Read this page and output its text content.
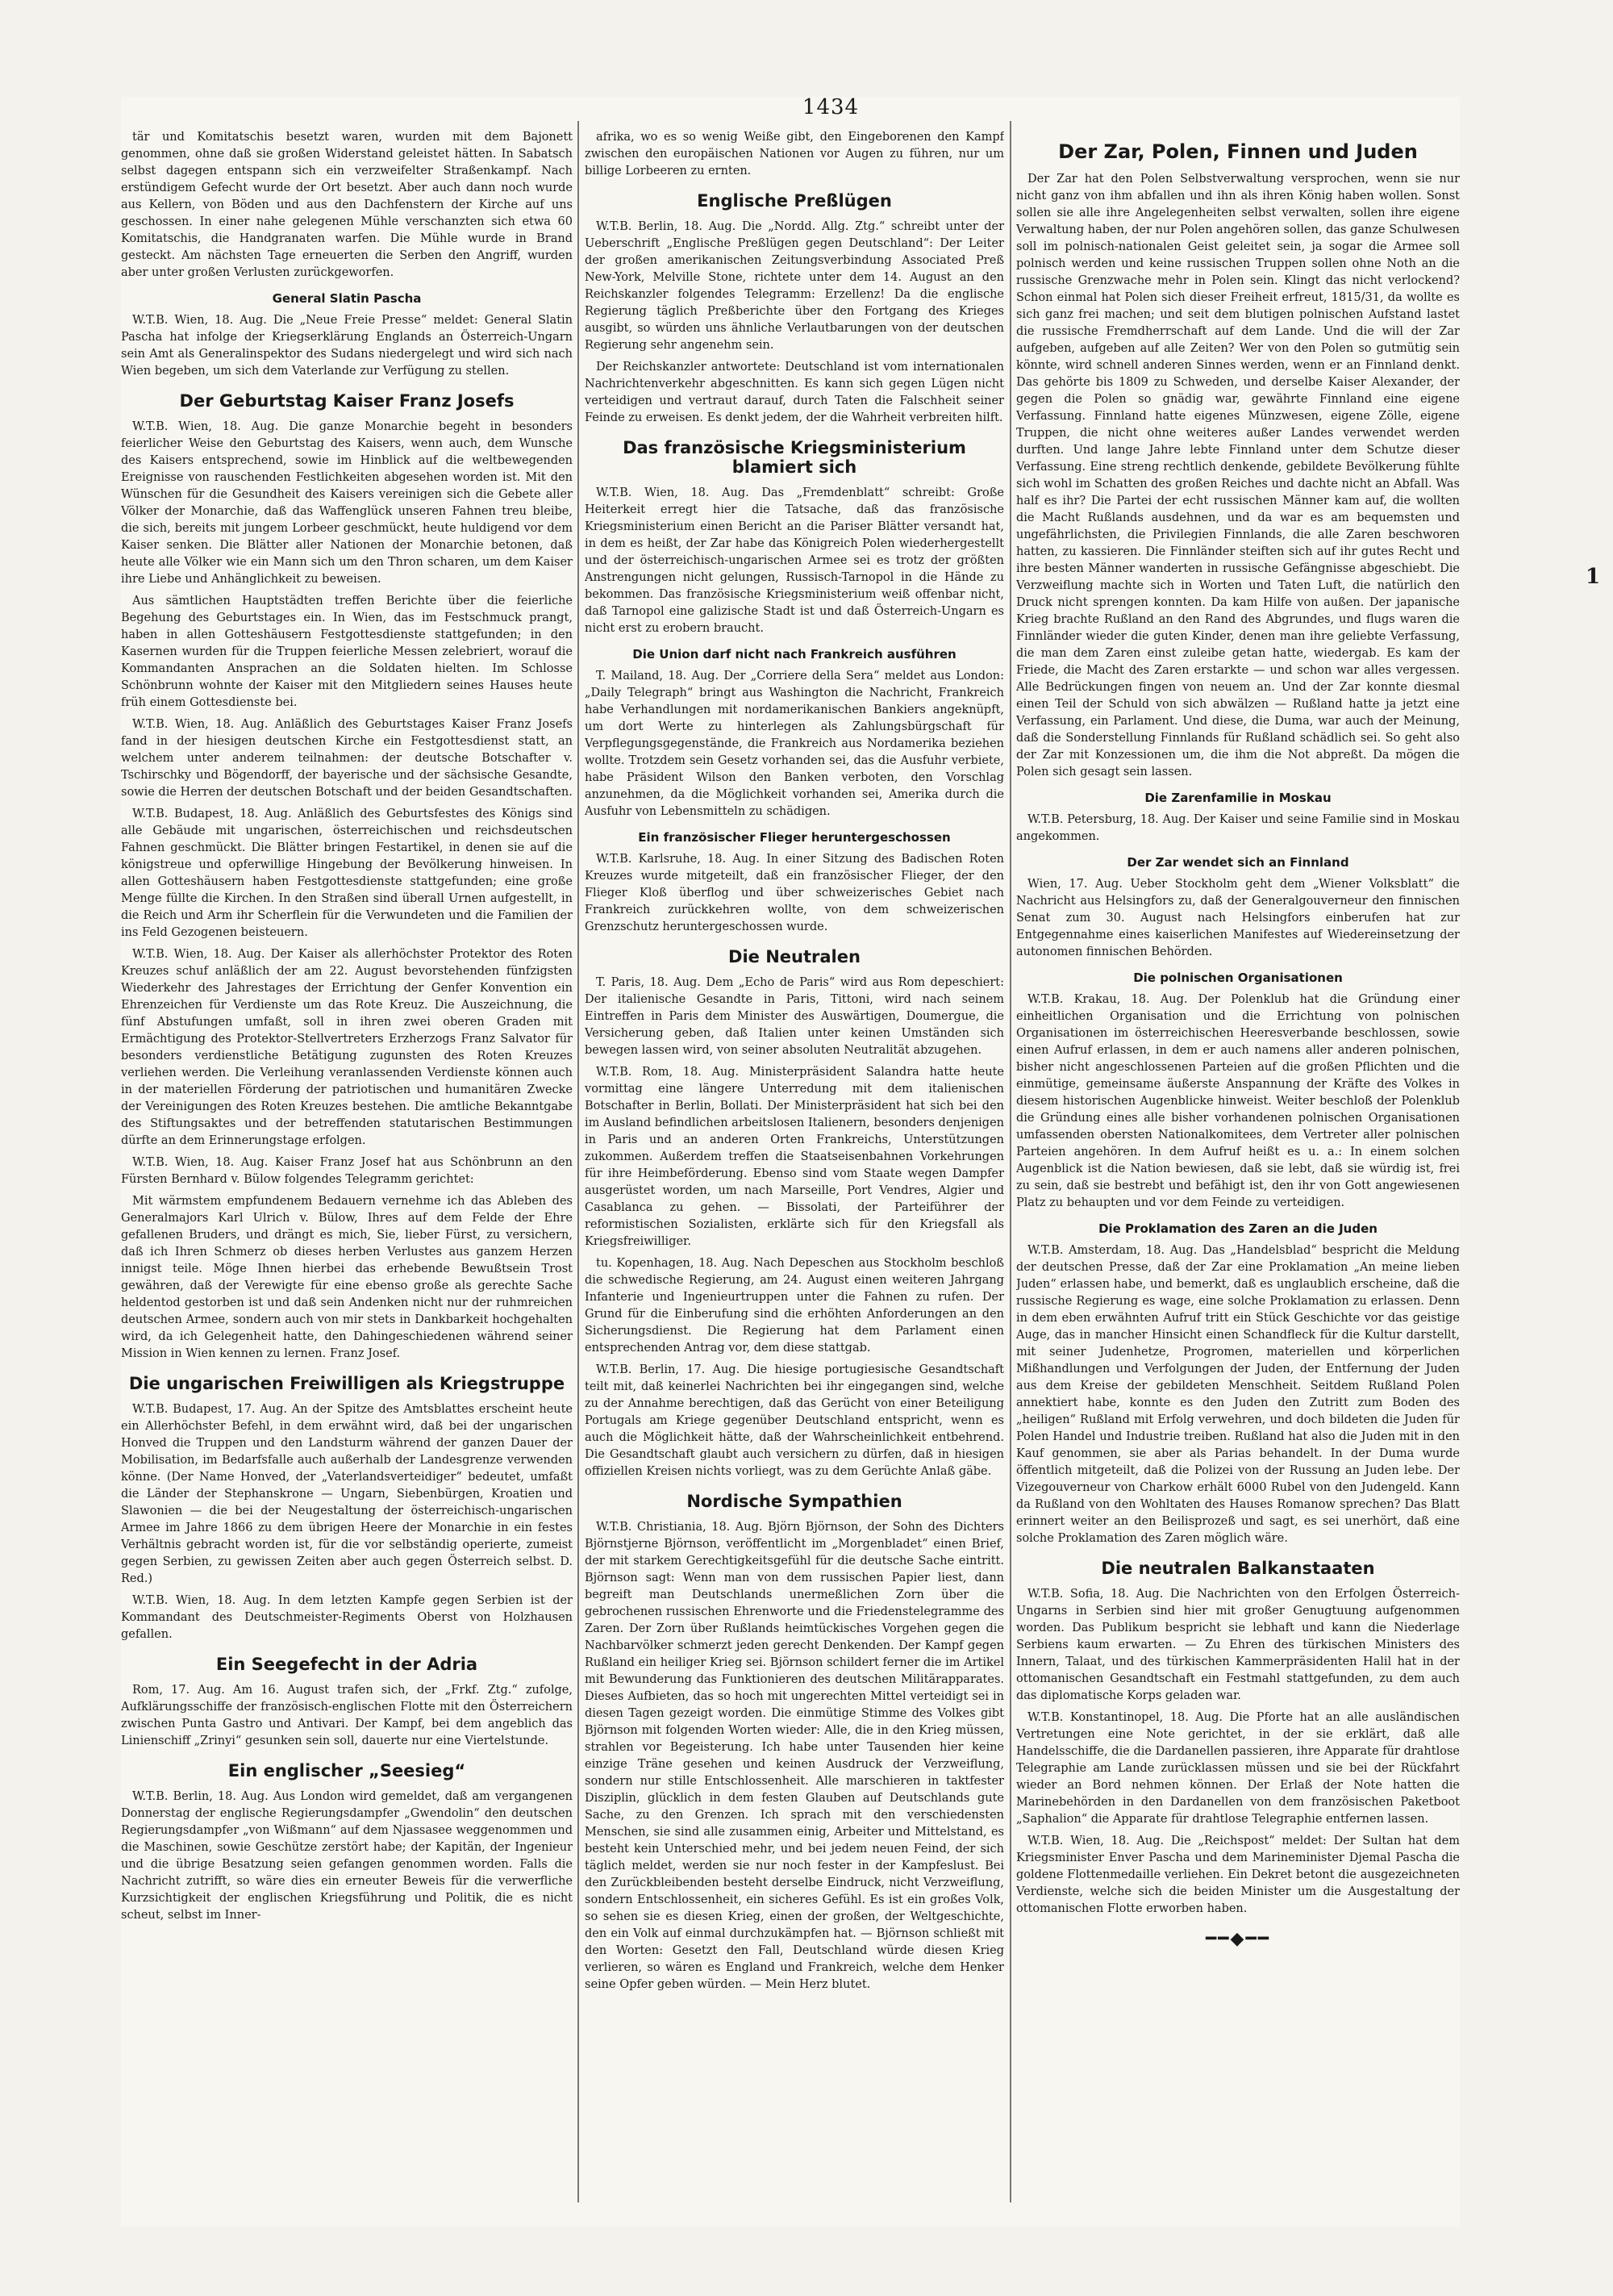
1434

tär und Komitatschis besetzt waren, wurden mit dem Bajonett genommen, ohne daß sie großen Widerstand geleistet hätten. In Sabatsch selbst dagegen entspann sich ein verzweifelter Straßenkampf. Nach erstündigem Gefecht wurde der Ort besetzt. Aber auch dann noch wurde aus Kellern, von Böden und aus den Dachfenstern der Kirche auf uns geschossen. In einer nahe gelegenen Mühle verschanzten sich etwa 60 Komitatschis, die Handgranaten warfen. Die Mühle wurde in Brand gesteckt. Am nächsten Tage erneuerten die Serben den Angriff, wurden aber unter großen Verlusten zurückgeworfen.

General Slatin Pascha

W.T.B. Wien, 18. Aug. Die „Neue Freie Presse“ meldet: General Slatin Pascha hat infolge der Kriegserklärung Englands an Österreich-Ungarn sein Amt als Generalinspektor des Sudans niedergelegt und wird sich nach Wien begeben, um sich dem Vaterlande zur Verfügung zu stellen.

Der Geburtstag Kaiser Franz Josefs

W.T.B. Wien, 18. Aug. Die ganze Monarchie begeht in besonders feierlicher Weise den Geburtstag des Kaisers, wenn auch, dem Wunsche des Kaisers entsprechend, sowie im Hinblick auf die weltbewegenden Ereignisse von rauschenden Festlichkeiten abgesehen worden ist. Mit den Wünschen für die Gesundheit des Kaisers vereinigen sich die Gebete aller Völker der Monarchie, daß das Waffenglück unseren Fahnen treu bleibe, die sich, bereits mit jungem Lorbeer geschmückt, heute huldigend vor dem Kaiser senken. Die Blätter aller Nationen der Monarchie betonen, daß heute alle Völker wie ein Mann sich um den Thron scharen, um dem Kaiser ihre Liebe und Anhänglichkeit zu beweisen.

Aus sämtlichen Hauptstädten treffen Berichte über die feierliche Begehung des Geburtstages ein. In Wien, das im Festschmuck prangt, haben in allen Gotteshäusern Festgottesdienste stattgefunden; in den Kasernen wurden für die Truppen feierliche Messen zelebriert, worauf die Kommandanten Ansprachen an die Soldaten hielten. Im Schlosse Schönbrunn wohnte der Kaiser mit den Mitgliedern seines Hauses heute früh einem Gottesdienste bei.

W.T.B. Wien, 18. Aug. Anläßlich des Geburtstages Kaiser Franz Josefs fand in der hiesigen deutschen Kirche ein Festgottesdienst statt, an welchem unter anderem teilnahmen: der deutsche Botschafter v. Tschirschky und Bögendorff, der bayerische und der sächsische Gesandte, sowie die Herren der deutschen Botschaft und der beiden Gesandtschaften.

W.T.B. Budapest, 18. Aug. Anläßlich des Geburtsfestes des Königs sind alle Gebäude mit ungarischen, österreichischen und reichsdeutschen Fahnen geschmückt. Die Blätter bringen Festartikel, in denen sie auf die königstreue und opferwillige Hingebung der Bevölkerung hinweisen. In allen Gotteshäusern haben Festgottesdienste stattgefunden; eine große Menge füllte die Kirchen. In den Straßen sind überall Urnen aufgestellt, in die Reich und Arm ihr Scherflein für die Verwundeten und die Familien der ins Feld Gezogenen beisteuern.

W.T.B. Wien, 18. Aug. Der Kaiser als allerhöchster Protektor des Roten Kreuzes schuf anläßlich der am 22. August bevorstehenden fünfzigsten Wiederkehr des Jahrestages der Errichtung der Genfer Konvention ein Ehrenzeichen für Verdienste um das Rote Kreuz. Die Auszeichnung, die fünf Abstufungen umfaßt, soll in ihren zwei oberen Graden mit Ermächtigung des Protektor-Stellvertreters Erzherzogs Franz Salvator für besonders verdienstliche Betätigung zugunsten des Roten Kreuzes verliehen werden. Die Verleihung veranlassenden Verdienste können auch in der materiellen Förderung der patriotischen und humanitären Zwecke der Vereinigungen des Roten Kreuzes bestehen. Die amtliche Bekanntgabe des Stiftungsaktes und der betreffenden statutarischen Bestimmungen dürfte an dem Erinnerungstage erfolgen.

W.T.B. Wien, 18. Aug. Kaiser Franz Josef hat aus Schönbrunn an den Fürsten Bernhard v. Bülow folgendes Telegramm gerichtet:

Mit wärmstem empfundenem Bedauern vernehme ich das Ableben des Generalmajors Karl Ulrich v. Bülow, Ihres auf dem Felde der Ehre gefallenen Bruders, und drängt es mich, Sie, lieber Fürst, zu versichern, daß ich Ihren Schmerz ob dieses herben Verlustes aus ganzem Herzen innigst teile. Möge Ihnen hierbei das erhebende Bewußtsein Trost gewähren, daß der Verewigte für eine ebenso große als gerechte Sache heldentod gestorben ist und daß sein Andenken nicht nur der ruhmreichen deutschen Armee, sondern auch von mir stets in Dankbarkeit hochgehalten wird, da ich Gelegenheit hatte, den Dahingeschiedenen während seiner Mission in Wien kennen zu lernen. Franz Josef.

Die ungarischen Freiwilligen als Kriegstruppe

W.T.B. Budapest, 17. Aug. An der Spitze des Amtsblattes erscheint heute ein Allerhöchster Befehl, in dem erwähnt wird, daß bei der ungarischen Honved die Truppen und den Landsturm während der ganzen Dauer der Mobilisation, im Bedarfsfalle auch außerhalb der Landesgrenze verwenden könne. (Der Name Honved, der „Vaterlandsverteidiger“ bedeutet, umfaßt die Länder der Stephanskrone — Ungarn, Siebenbürgen, Kroatien und Slawonien — die bei der Neugestaltung der österreichisch-ungarischen Armee im Jahre 1866 zu dem übrigen Heere der Monarchie in ein festes Verhältnis gebracht worden ist, für die vor selbständig operierte, zumeist gegen Serbien, zu gewissen Zeiten aber auch gegen Österreich selbst. D. Red.)

W.T.B. Wien, 18. Aug. In dem letzten Kampfe gegen Serbien ist der Kommandant des Deutschmeister-Regiments Oberst von Holzhausen gefallen.

Ein Seegefecht in der Adria

Rom, 17. Aug. Am 16. August trafen sich, der „Frkf. Ztg.“ zufolge, Aufklärungsschiffe der französisch-englischen Flotte mit den Österreichern zwischen Punta Gastro und Antivari. Der Kampf, bei dem angeblich das Linienschiff „Zrinyi“ gesunken sein soll, dauerte nur eine Viertelstunde.

Ein englischer „Seesieg“

W.T.B. Berlin, 18. Aug. Aus London wird gemeldet, daß am vergangenen Donnerstag der englische Regierungsdampfer „Gwendolin“ den deutschen Regierungsdampfer „von Wißmann“ auf dem Njassasee weggenommen und die Maschinen, sowie Geschütze zerstört habe; der Kapitän, der Ingenieur und die übrige Besatzung seien gefangen genommen worden. Falls die Nachricht zutrifft, so wäre dies ein erneuter Beweis für die verwerfliche Kurzsichtigkeit der englischen Kriegsführung und Politik, die es nicht scheut, selbst im Inner-

afrika, wo es so wenig Weiße gibt, den Eingeborenen den Kampf zwischen den europäischen Nationen vor Augen zu führen, nur um billige Lorbeeren zu ernten.

Englische Preßlügen

W.T.B. Berlin, 18. Aug. Die „Nordd. Allg. Ztg.“ schreibt unter der Ueberschrift „Englische Preßlügen gegen Deutschland“: Der Leiter der großen amerikanischen Zeitungsverbindung Associated Preß New-York, Melville Stone, richtete unter dem 14. August an den Reichskanzler folgendes Telegramm: Erzellenz! Da die englische Regierung täglich Preßberichte über den Fortgang des Krieges ausgibt, so würden uns ähnliche Verlautbarungen von der deutschen Regierung sehr angenehm sein.

Der Reichskanzler antwortete: Deutschland ist vom internationalen Nachrichtenverkehr abgeschnitten. Es kann sich gegen Lügen nicht verteidigen und vertraut darauf, durch Taten die Falschheit seiner Feinde zu erweisen. Es denkt jedem, der die Wahrheit verbreiten hilft.

Das französische Kriegsministerium blamiert sich

W.T.B. Wien, 18. Aug. Das „Fremdenblatt“ schreibt: Große Heiterkeit erregt hier die Tatsache, daß das französische Kriegsministerium einen Bericht an die Pariser Blätter versandt hat, in dem es heißt, der Zar habe das Königreich Polen wiederhergestellt und der österreichisch-ungarischen Armee sei es trotz der größten Anstrengungen nicht gelungen, Russisch-Tarnopol in die Hände zu bekommen. Das französische Kriegsministerium weiß offenbar nicht, daß Tarnopol eine galizische Stadt ist und daß Österreich-Ungarn es nicht erst zu erobern braucht.

Die Union darf nicht nach Frankreich ausführen

T. Mailand, 18. Aug. Der „Corriere della Sera“ meldet aus London: „Daily Telegraph“ bringt aus Washington die Nachricht, Frankreich habe Verhandlungen mit nordamerikanischen Bankiers angeknüpft, um dort Werte zu hinterlegen als Zahlungsbürgschaft für Verpflegungsgegenstände, die Frankreich aus Nordamerika beziehen wollte. Trotzdem sein Gesetz vorhanden sei, das die Ausfuhr verbiete, habe Präsident Wilson den Banken verboten, den Vorschlag anzunehmen, da die Möglichkeit vorhanden sei, Amerika durch die Ausfuhr von Lebensmitteln zu schädigen.

Ein französischer Flieger heruntergeschossen

W.T.B. Karlsruhe, 18. Aug. In einer Sitzung des Badischen Roten Kreuzes wurde mitgeteilt, daß ein französischer Flieger, der den Flieger Kloß überflog und über schweizerisches Gebiet nach Frankreich zurückkehren wollte, von dem schweizerischen Grenzschutz heruntergeschossen wurde.

Die Neutralen

T. Paris, 18. Aug. Dem „Echo de Paris“ wird aus Rom depeschiert: Der italienische Gesandte in Paris, Tittoni, wird nach seinem Eintreffen in Paris dem Minister des Auswärtigen, Doumergue, die Versicherung geben, daß Italien unter keinen Umständen sich bewegen lassen wird, von seiner absoluten Neutralität abzugehen.

W.T.B. Rom, 18. Aug. Ministerpräsident Salandra hatte heute vormittag eine längere Unterredung mit dem italienischen Botschafter in Berlin, Bollati. Der Ministerpräsident hat sich bei den im Ausland befindlichen arbeitslosen Italienern, besonders denjenigen in Paris und an anderen Orten Frankreichs, Unterstützungen zukommen. Außerdem treffen die Staatseisenbahnen Vorkehrungen für ihre Heimbeförderung. Ebenso sind vom Staate wegen Dampfer ausgerüstet worden, um nach Marseille, Port Vendres, Algier und Casablanca zu gehen. — Bissolati, der Parteiführer der reformistischen Sozialisten, erklärte sich für den Kriegsfall als Kriegsfreiwilliger.

tu. Kopenhagen, 18. Aug. Nach Depeschen aus Stockholm beschloß die schwedische Regierung, am 24. August einen weiteren Jahrgang Infanterie und Ingenieurtruppen unter die Fahnen zu rufen. Der Grund für die Einberufung sind die erhöhten Anforderungen an den Sicherungsdienst. Die Regierung hat dem Parlament einen entsprechenden Antrag vor, dem diese stattgab.

W.T.B. Berlin, 17. Aug. Die hiesige portugiesische Gesandtschaft teilt mit, daß keinerlei Nachrichten bei ihr eingegangen sind, welche zu der Annahme berechtigen, daß das Gerücht von einer Beteiligung Portugals am Kriege gegenüber Deutschland entspricht, wenn es auch die Möglichkeit hätte, daß der Wahrscheinlichkeit entbehrend. Die Gesandtschaft glaubt auch versichern zu dürfen, daß in hiesigen offiziellen Kreisen nichts vorliegt, was zu dem Gerüchte Anlaß gäbe.

Nordische Sympathien

W.T.B. Christiania, 18. Aug. Björn Björnson, der Sohn des Dichters Björnstjerne Björnson, veröffentlicht im „Morgenbladet“ einen Brief, der mit starkem Gerechtigkeitsgefühl für die deutsche Sache eintritt. Björnson sagt: Wenn man von dem russischen Papier liest, dann begreift man Deutschlands unermeßlichen Zorn über die gebrochenen russischen Ehrenworte und die Friedenstelegramme des Zaren. Der Zorn über Rußlands heimtückisches Vorgehen gegen die Nachbarvölker schmerzt jeden gerecht Denkenden. Der Kampf gegen Rußland ein heiliger Krieg sei. Björnson schildert ferner die im Artikel mit Bewunderung das Funktionieren des deutschen Militärapparates. Dieses Aufbieten, das so hoch mit ungerechten Mittel verteidigt sei in diesen Tagen gezeigt worden. Die einmütige Stimme des Volkes gibt Björnson mit folgenden Worten wieder: Alle, die in den Krieg müssen, strahlen vor Begeisterung. Ich habe unter Tausenden hier keine einzige Träne gesehen und keinen Ausdruck der Verzweiflung, sondern nur stille Entschlossenheit. Alle marschieren in taktfester Disziplin, glücklich in dem festen Glauben auf Deutschlands gute Sache, zu den Grenzen. Ich sprach mit den verschiedensten Menschen, sie sind alle zusammen einig, Arbeiter und Mittelstand, es besteht kein Unterschied mehr, und bei jedem neuen Feind, der sich täglich meldet, werden sie nur noch fester in der Kampfeslust. Bei den Zurückbleibenden besteht derselbe Eindruck, nicht Verzweiflung, sondern Entschlossenheit, ein sicheres Gefühl. Es ist ein großes Volk, so sehen sie es diesen Krieg, einen der großen, der Weltgeschichte, den ein Volk auf einmal durchzukämpfen hat. — Björnson schließt mit den Worten: Gesetzt den Fall, Deutschland würde diesen Krieg verlieren, so wären es England und Frankreich, welche dem Henker seine Opfer geben würden. — Mein Herz blutet.

Der Zar, Polen, Finnen und Juden

Der Zar hat den Polen Selbstverwaltung versprochen, wenn sie nur nicht ganz von ihm abfallen und ihn als ihren König haben wollen. Sonst sollen sie alle ihre Angelegenheiten selbst verwalten, sollen ihre eigene Verwaltung haben, der nur Polen angehören sollen, das ganze Schulwesen soll im polnisch-nationalen Geist geleitet sein, ja sogar die Armee soll polnisch werden und keine russischen Truppen sollen ohne Noth an die russische Grenzwache mehr in Polen sein. Klingt das nicht verlockend? Schon einmal hat Polen sich dieser Freiheit erfreut, 1815/31, da wollte es sich ganz frei machen; und seit dem blutigen polnischen Aufstand lastet die russische Fremdherrschaft auf dem Lande. Und die will der Zar aufgeben, aufgeben auf alle Zeiten? Wer von den Polen so gutmütig sein könnte, wird schnell anderen Sinnes werden, wenn er an Finnland denkt. Das gehörte bis 1809 zu Schweden, und derselbe Kaiser Alexander, der gegen die Polen so gnädig war, gewährte Finnland eine eigene Verfassung. Finnland hatte eigenes Münzwesen, eigene Zölle, eigene Truppen, die nicht ohne weiteres außer Landes verwendet werden durften. Und lange Jahre lebte Finnland unter dem Schutze dieser Verfassung. Eine streng rechtlich denkende, gebildete Bevölkerung fühlte sich wohl im Schatten des großen Reiches und dachte nicht an Abfall. Was half es ihr? Die Partei der echt russischen Männer kam auf, die wollten die Macht Rußlands ausdehnen, und da war es am bequemsten und ungefährlichsten, die Privilegien Finnlands, die alle Zaren beschworen hatten, zu kassieren. Die Finnländer steiften sich auf ihr gutes Recht und ihre besten Männer wanderten in russische Gefängnisse abgeschiebt. Die Verzweiflung machte sich in Worten und Taten Luft, die natürlich den Druck nicht sprengen konnten. Da kam Hilfe von außen. Der japanische Krieg brachte Rußland an den Rand des Abgrundes, und flugs waren die Finnländer wieder die guten Kinder, denen man ihre geliebte Verfassung, die man dem Zaren einst zuleibe getan hatte, wiedergab. Es kam der Friede, die Macht des Zaren erstarkte — und schon war alles vergessen. Alle Bedrückungen fingen von neuem an. Und der Zar konnte diesmal einen Teil der Schuld von sich abwälzen — Rußland hatte ja jetzt eine Verfassung, ein Parlament. Und diese, die Duma, war auch der Meinung, daß die Sonderstellung Finnlands für Rußland schädlich sei. So geht also der Zar mit Konzessionen um, die ihm die Not abpreßt. Da mögen die Polen sich gesagt sein lassen.

Die Zarenfamilie in Moskau

W.T.B. Petersburg, 18. Aug. Der Kaiser und seine Familie sind in Moskau angekommen.

Der Zar wendet sich an Finnland

Wien, 17. Aug. Ueber Stockholm geht dem „Wiener Volksblatt“ die Nachricht aus Helsingfors zu, daß der Generalgouverneur den finnischen Senat zum 30. August nach Helsingfors einberufen hat zur Entgegennahme eines kaiserlichen Manifestes auf Wiedereinsetzung der autonomen finnischen Behörden.

Die polnischen Organisationen

W.T.B. Krakau, 18. Aug. Der Polenklub hat die Gründung einer einheitlichen Organisation und die Errichtung von polnischen Organisationen im österreichischen Heeresverbande beschlossen, sowie einen Aufruf erlassen, in dem er auch namens aller anderen polnischen, bisher nicht angeschlossenen Parteien auf die großen Pflichten und die einmütige, gemeinsame äußerste Anspannung der Kräfte des Volkes in diesem historischen Augenblicke hinweist. Weiter beschloß der Polenklub die Gründung eines alle bisher vorhandenen polnischen Organisationen umfassenden obersten Nationalkomitees, dem Vertreter aller polnischen Parteien angehören. In dem Aufruf heißt es u. a.: In einem solchen Augenblick ist die Nation bewiesen, daß sie lebt, daß sie würdig ist, frei zu sein, daß sie bestrebt und befähigt ist, den ihr von Gott angewiesenen Platz zu behaupten und vor dem Feinde zu verteidigen.

Die Proklamation des Zaren an die Juden

W.T.B. Amsterdam, 18. Aug. Das „Handelsblad“ bespricht die Meldung der deutschen Presse, daß der Zar eine Proklamation „An meine lieben Juden“ erlassen habe, und bemerkt, daß es unglaublich erscheine, daß die russische Regierung es wage, eine solche Proklamation zu erlassen. Denn in dem eben erwähnten Aufruf tritt ein Stück Geschichte vor das geistige Auge, das in mancher Hinsicht einen Schandfleck für die Kultur darstellt, mit seiner Judenhetze, Progromen, materiellen und körperlichen Mißhandlungen und Verfolgungen der Juden, der Entfernung der Juden aus dem Kreise der gebildeten Menschheit. Seitdem Rußland Polen annektiert habe, konnte es den Juden den Zutritt zum Boden des „heiligen“ Rußland mit Erfolg verwehren, und doch bildeten die Juden für Polen Handel und Industrie treiben. Rußland hat also die Juden mit in den Kauf genommen, sie aber als Parias behandelt. In der Duma wurde öffentlich mitgeteilt, daß die Polizei von der Russung an Juden lebe. Der Vizegouverneur von Charkow erhält 6000 Rubel von den Judengeld. Kann da Rußland von den Wohltaten des Hauses Romanow sprechen? Das Blatt erinnert weiter an den Beilisprozeß und sagt, es sei unerhört, daß eine solche Proklamation des Zaren möglich wäre.

Die neutralen Balkanstaaten

W.T.B. Sofia, 18. Aug. Die Nachrichten von den Erfolgen Österreich-Ungarns in Serbien sind hier mit großer Genugtuung aufgenommen worden. Das Publikum bespricht sie lebhaft und kann die Niederlage Serbiens kaum erwarten. — Zu Ehren des türkischen Ministers des Innern, Talaat, und des türkischen Kammerpräsidenten Halil hat in der ottomanischen Gesandtschaft ein Festmahl stattgefunden, zu dem auch das diplomatische Korps geladen war.

W.T.B. Konstantinopel, 18. Aug. Die Pforte hat an alle ausländischen Vertretungen eine Note gerichtet, in der sie erklärt, daß alle Handelsschiffe, die die Dardanellen passieren, ihre Apparate für drahtlose Telegraphie am Lande zurücklassen müssen und sie bei der Rückfahrt wieder an Bord nehmen können. Der Erlaß der Note hatten die Marinebehörden in den Dardanellen von dem französischen Paketboot „Saphalion“ die Apparate für drahtlose Telegraphie entfernen lassen.

W.T.B. Wien, 18. Aug. Die „Reichspost“ meldet: Der Sultan hat dem Kriegsminister Enver Pascha und dem Marineminister Djemal Pascha die goldene Flottenmedaille verliehen. Ein Dekret betont die ausgezeichneten Verdienste, welche sich die beiden Minister um die Ausgestaltung der ottomanischen Flotte erworben haben.

━━◆━━
1
